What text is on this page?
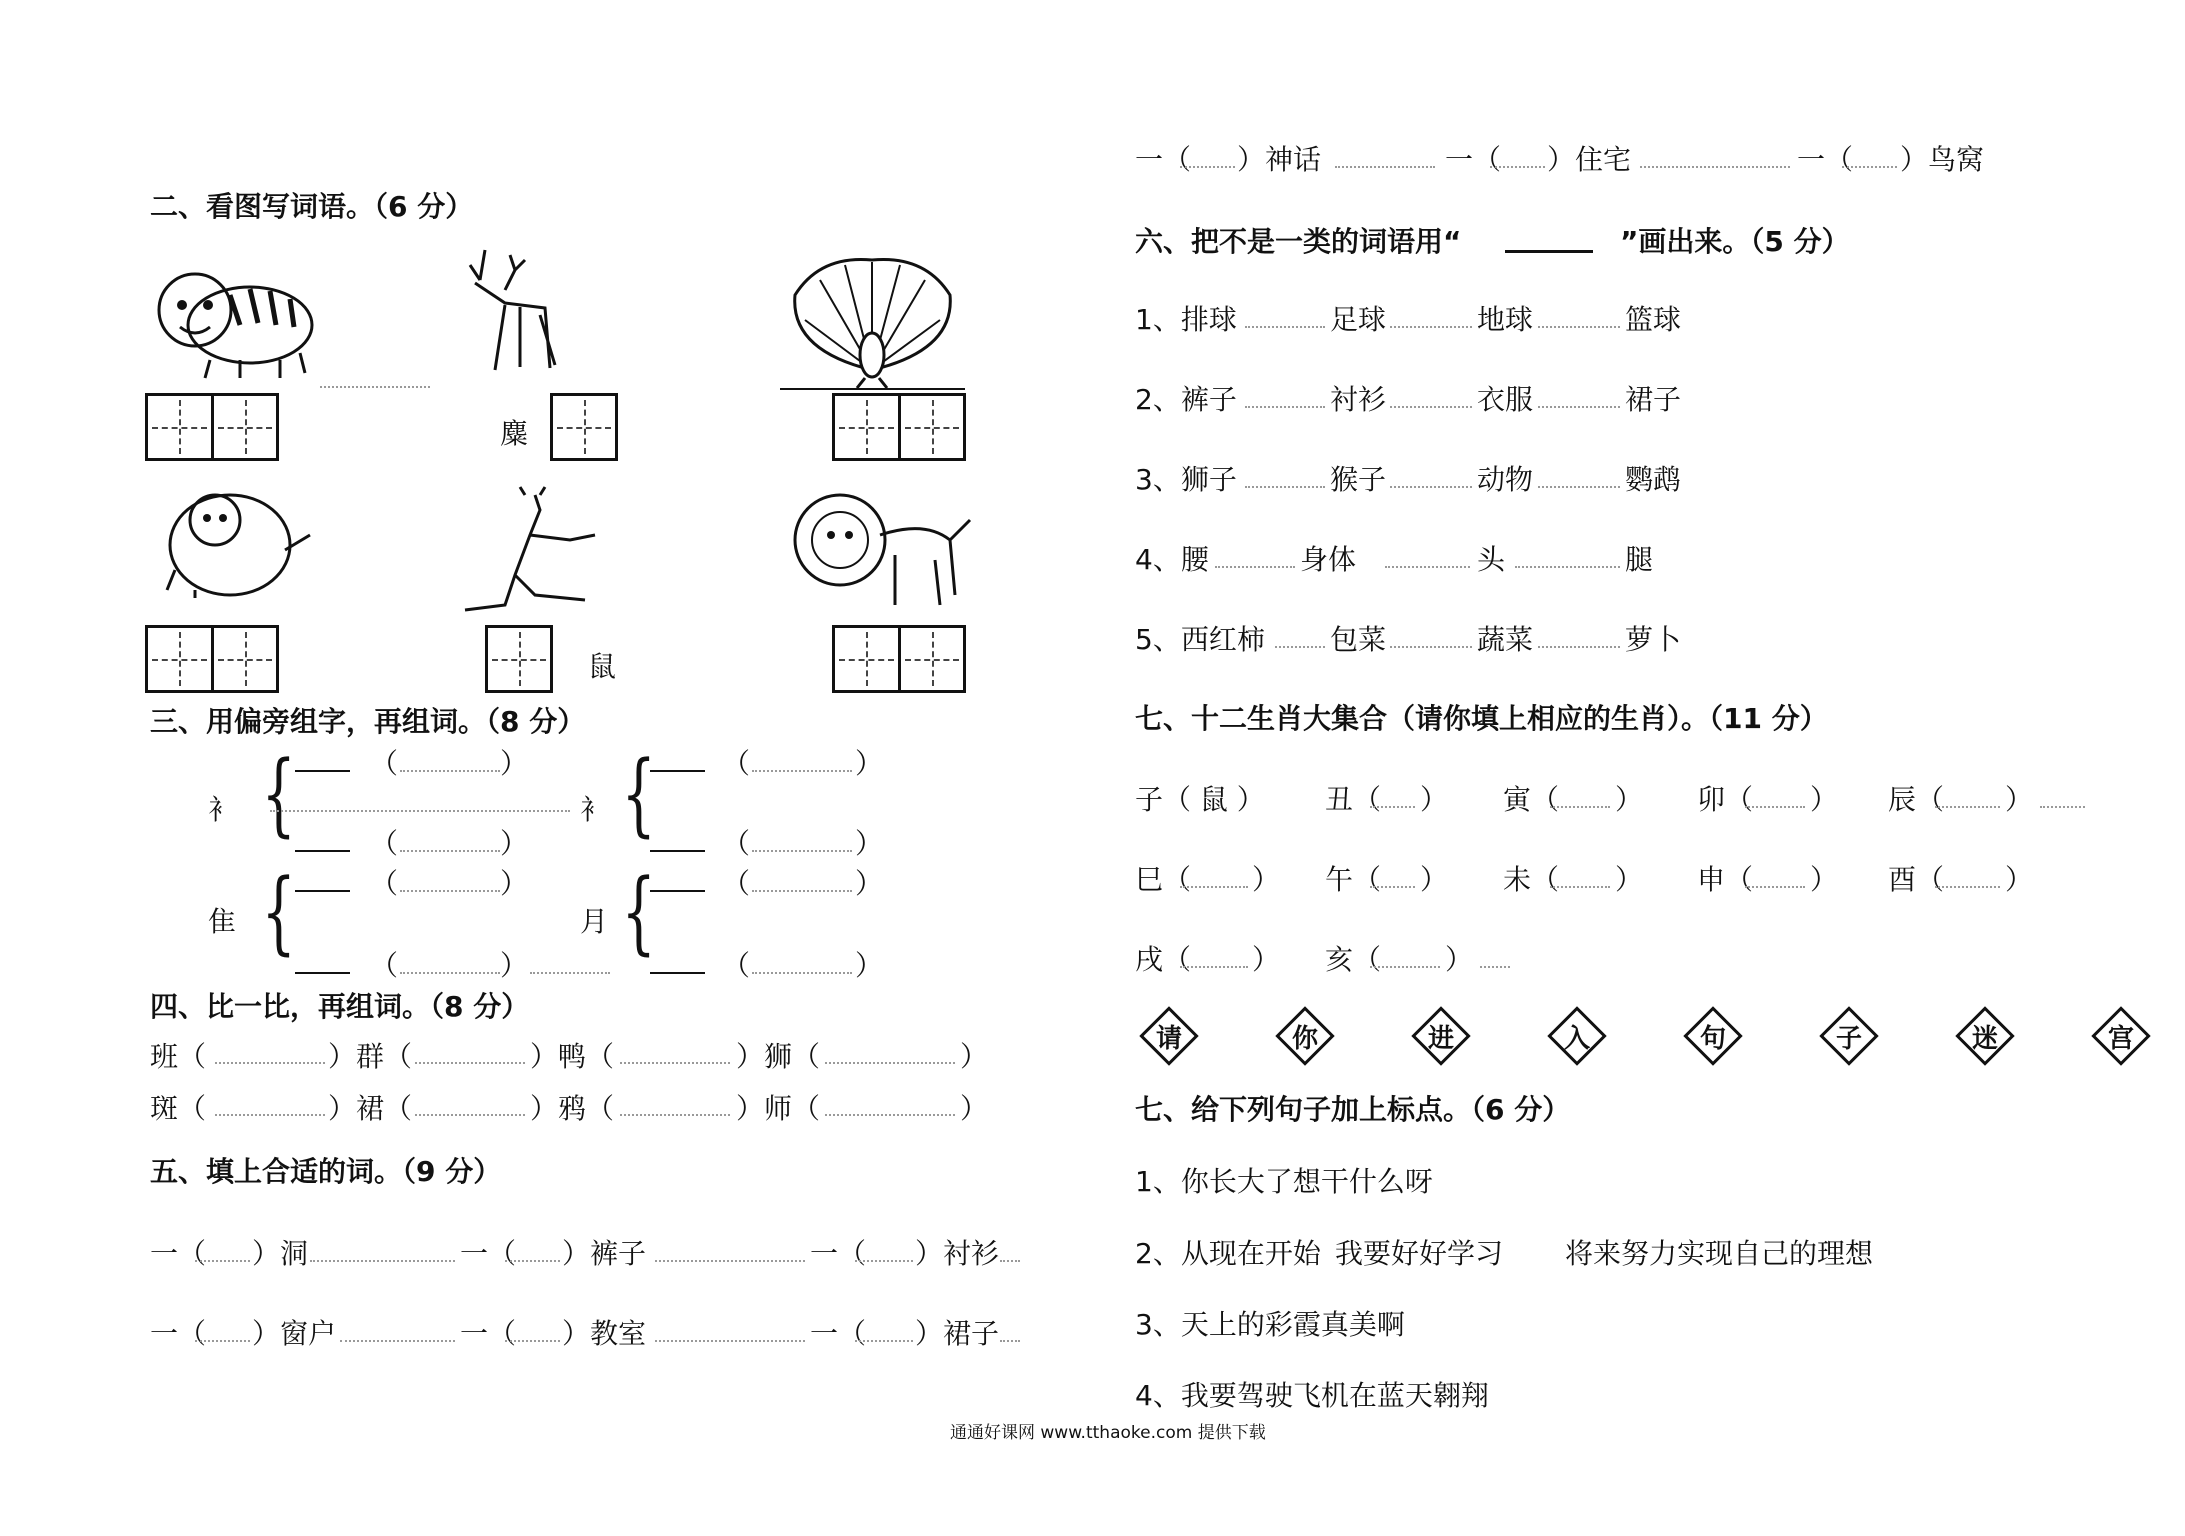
二、看图写词语。（6 分）
麋
鼠
三、用偏旁组字，再组词。（8 分）
衤 {	（	）
（	）
衤 { （	）
（	）
隹 {	（	）
（	）
月 { （	）
（	）
四、比一比，再组词。（8 分）
班（	）群（	）鸭（	）狮（	）
斑（	）裙（	）鸦（	）师（	）
五、填上合适的词。（9 分）
一（ ）洞	一（ ）裤子	一（ ）衬衫
一（ ）窗户	一（ ）教室	一（ ）裙子
一（ ）神话	一（ ）住宅	一（ ）鸟窝
六、把不是一类的词语用“	”画出来。（5 分）
1、排球	足球	地球	篮球
2、裤子	衬衫	衣服	裙子
3、狮子	猴子	动物	鹦鹉
4、腰	身体	头	腿
5、西红柿 包菜	蔬菜	萝卜
七、十二生肖大集合（请你填上相应的生肖）。（11 分）
子（ 鼠 ） 丑（ ） 寅（ ） 卯（ ） 辰（ ）
巳（ ） 午（ ） 未（ ） 申（ ） 酉（ ）
戌（ ） 亥（ ）
请	你	进	入	句	子	迷	宫
七、给下列句子加上标点。（6 分）
1、你长大了想干什么呀
2、从现在开始 我要好好学习 将来努力实现自己的理想
3、天上的彩霞真美啊
4、我要驾驶飞机在蓝天翱翔
通通好课网 www.tthaoke.com 提供下载
